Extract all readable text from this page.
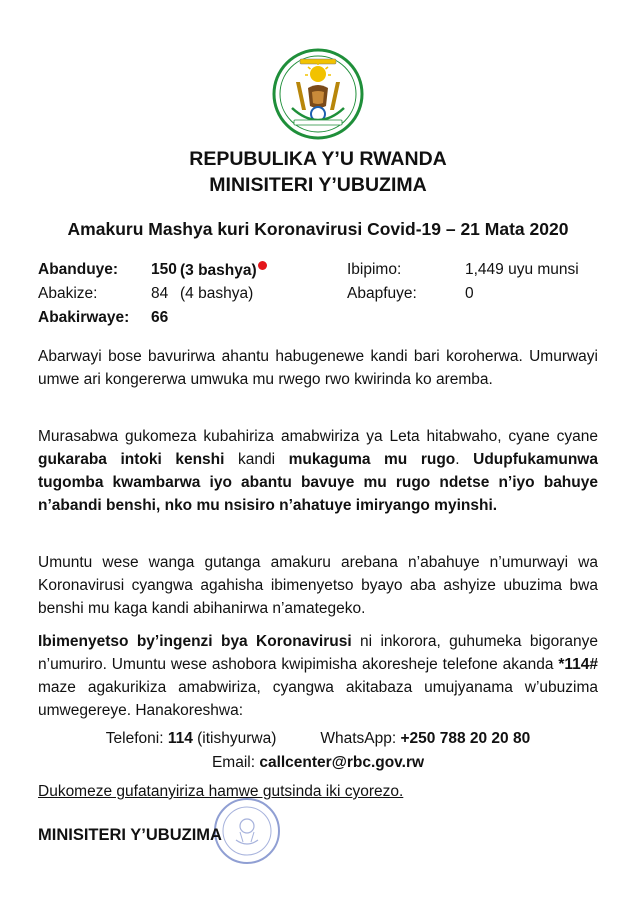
REPUBULIKA Y’U RWANDA
MINISITERI Y’UBUZIMA
Amakuru Mashya kuri Koronavirusi Covid-19 – 21 Mata 2020
Abanduye: 150 (3 bashya)	Ibipimo:	1,449 uyu munsi
Abakize:	84 (4 bashya)	Abapfuye:	0
Abakirwaye: 66
Abarwayi bose bavurirwa ahantu habugenewe kandi bari koroherwa. Umurwayi umwe ari kongererwa umwuka mu rwego rwo kwirinda ko aremba.
Murasabwa gukomeza kubahiriza amabwiriza ya Leta hitabwaho, cyane cyane gukaraba intoki kenshi kandi mukaguma mu rugo. Udupfukamunwa tugomba kwambarwa iyo abantu bavuye mu rugo ndetse n’iyo bahuye n’abandi benshi, nko mu nsisiro n’ahatuye imiryango myinshi.
Umuntu wese wanga gutanga amakuru arebana n’abahuye n’umurwayi wa Koronavirusi cyangwa agahisha ibimenyetso byayo aba ashyize ubuzima bwa benshi mu kaga kandi abihanirwa n’amategeko.
Ibimenyetso by’ingenzi bya Koronavirusi ni inkorora, guhumeka bigoranye n’umuriro. Umuntu wese ashobora kwipimisha akoresheje telefone akanda *114# maze agakurikiza amabwiriza, cyangwa akitabaza umujyanama w’ubuzima umwegereye. Hanakoreshwa:
Telefoni: 114 (itishyurwa)	WhatsApp: +250 788 20 20 80
Email: callcenter@rbc.gov.rw
Dukomeze gufatanyiriza hamwe gutsinda iki cyorezo.
MINISITERI Y’UBUZIMA
